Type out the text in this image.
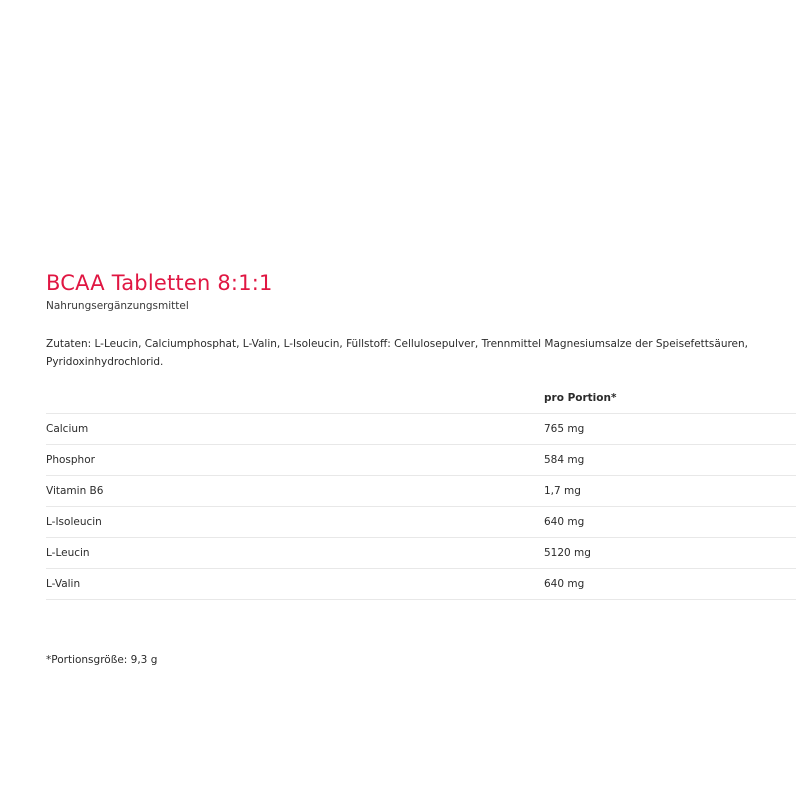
BCAA Tabletten 8:1:1

Nahrungsergänzungsmittel

Zutaten: L-Leucin, Calciumphosphat, L-Valin, L-Isoleucin, Füllstoff: Cellulosepulver, Trennmittel Magnesiumsalze der Speisefettsäuren, Pyridoxinhydrochlorid.

	pro Portion*
Calcium	765 mg
Phosphor	584 mg
Vitamin B6	1,7 mg
L-Isoleucin	640 mg
L-Leucin	5120 mg
L-Valin	640 mg

*Portionsgröße: 9,3 g
